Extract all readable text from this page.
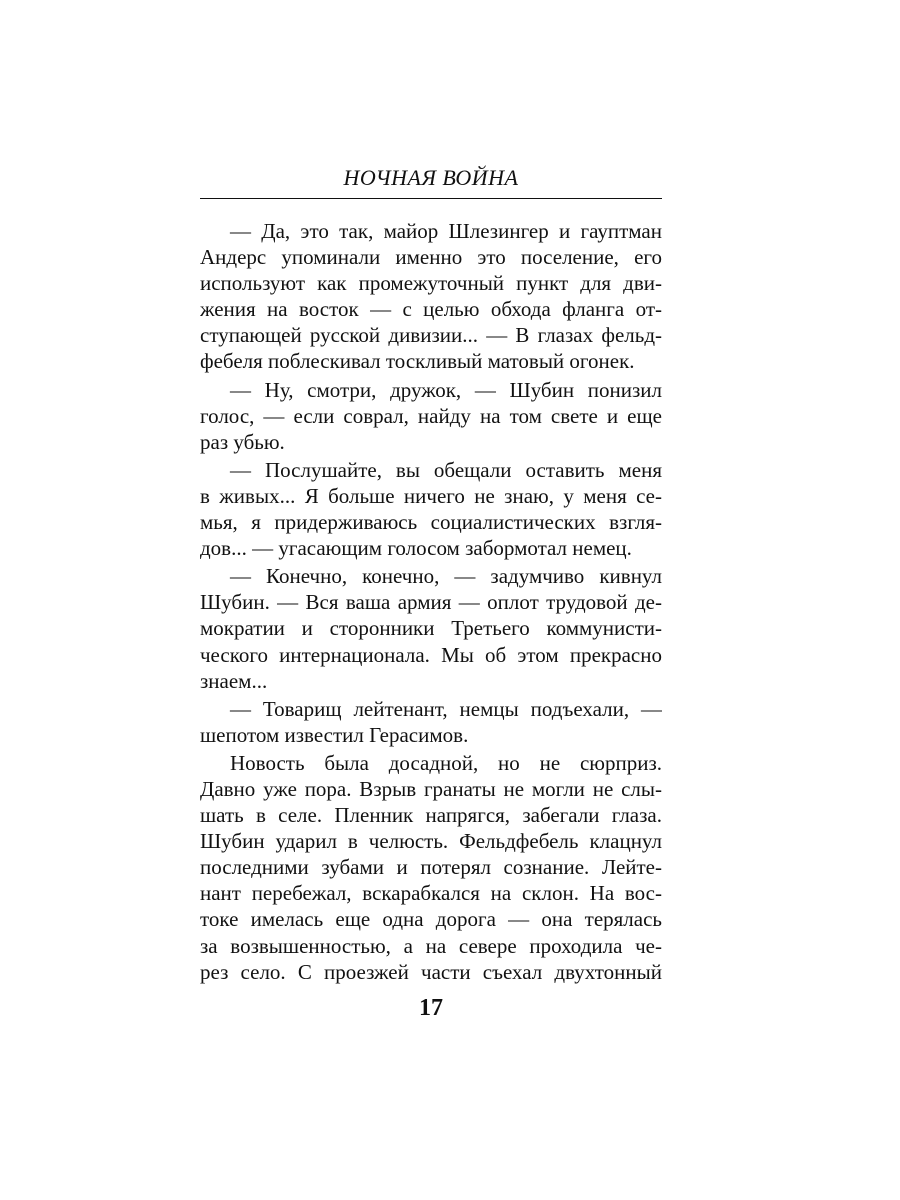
НОЧНАЯ ВОЙНА
— Да, это так, майор Шлезингер и гауптман
Андерс упоминали именно это поселение, его
используют как промежуточный пункт для дви-
жения на восток — с целью обхода фланга от-
ступающей русской дивизии... — В глазах фельд-
фебеля поблескивал тоскливый матовый огонек.
— Ну, смотри, дружок, — Шубин понизил
голос, — если соврал, найду на том свете и еще
раз убью.
— Послушайте, вы обещали оставить меня
в живых... Я больше ничего не знаю, у меня се-
мья, я придерживаюсь социалистических взгля-
дов... — угасающим голосом забормотал немец.
— Конечно, конечно, — задумчиво кивнул
Шубин. — Вся ваша армия — оплот трудовой де-
мократии и сторонники Третьего коммунисти-
ческого интернационала. Мы об этом прекрасно
знаем...
— Товарищ лейтенант, немцы подъехали, —
шепотом известил Герасимов.
Новость была досадной, но не сюрприз.
Давно уже пора. Взрыв гранаты не могли не слы-
шать в селе. Пленник напрягся, забегали глаза.
Шубин ударил в челюсть. Фельдфебель клацнул
последними зубами и потерял сознание. Лейте-
нант перебежал, вскарабкался на склон. На вос-
токе имелась еще одна дорога — она терялась
за возвышенностью, а на севере проходила че-
рез село. С проезжей части съехал двухтонный
17
